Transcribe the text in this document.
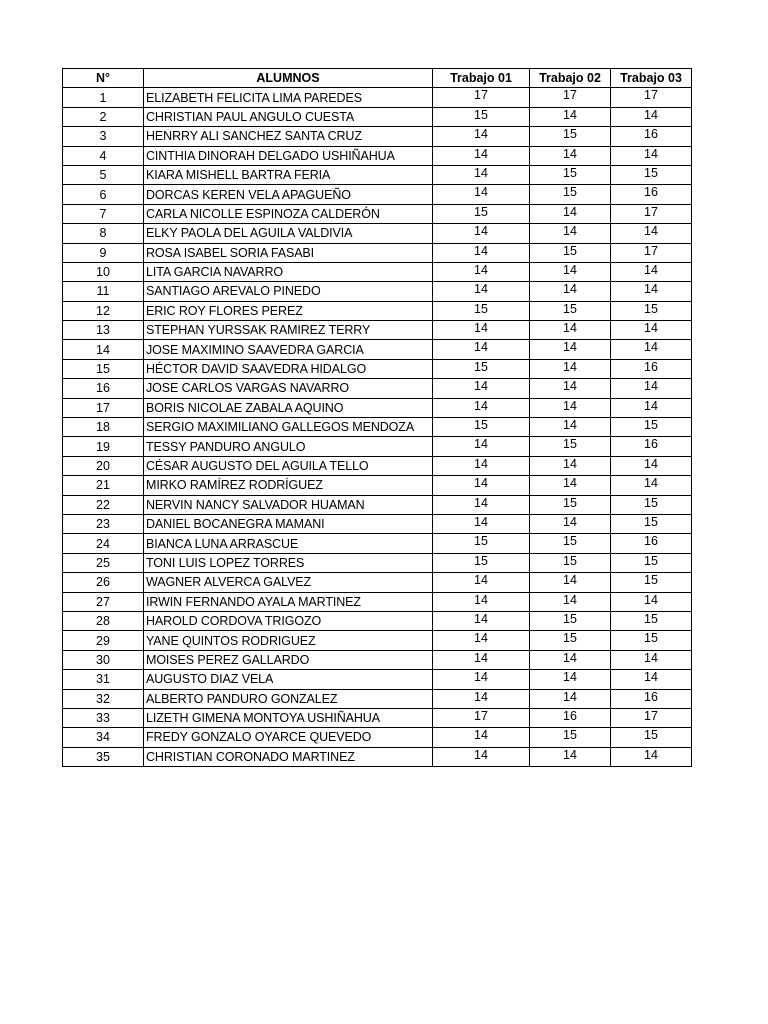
N°	ALUMNOS	Trabajo 01	Trabajo 02	Trabajo 03
1	ELIZABETH FELICITA LIMA PAREDES	17	17	17
2	CHRISTIAN PAUL ANGULO CUESTA	15	14	14
3	HENRRY ALI SANCHEZ SANTA CRUZ	14	15	16
4	CINTHIA DINORAH DELGADO USHIÑAHUA	14	14	14
5	KIARA MISHELL BARTRA FERIA	14	15	15
6	DORCAS KEREN VELA APAGUEÑO	14	15	16
7	CARLA NICOLLE ESPINOZA CALDERÓN	15	14	17
8	ELKY PAOLA DEL AGUILA VALDIVIA	14	14	14
9	ROSA ISABEL SORIA FASABI	14	15	17
10	LITA GARCIA NAVARRO	14	14	14
11	SANTIAGO AREVALO PINEDO	14	14	14
12	ERIC ROY FLORES PEREZ	15	15	15
13	STEPHAN YURSSAK RAMIREZ TERRY	14	14	14
14	JOSE MAXIMINO SAAVEDRA GARCIA	14	14	14
15	HÉCTOR DAVID SAAVEDRA HIDALGO	15	14	16
16	JOSE CARLOS VARGAS NAVARRO	14	14	14
17	BORIS NICOLAE ZABALA AQUINO	14	14	14
18	SERGIO MAXIMILIANO GALLEGOS MENDOZA	15	14	15
19	TESSY PANDURO ANGULO	14	15	16
20	CÉSAR AUGUSTO DEL AGUILA TELLO	14	14	14
21	MIRKO RAMÍREZ RODRÍGUEZ	14	14	14
22	NERVIN NANCY SALVADOR HUAMAN	14	15	15
23	DANIEL BOCANEGRA MAMANI	14	14	15
24	BIANCA LUNA ARRASCUE	15	15	16
25	TONI LUIS LOPEZ TORRES	15	15	15
26	WAGNER ALVERCA GALVEZ	14	14	15
27	IRWIN FERNANDO AYALA MARTINEZ	14	14	14
28	HAROLD CORDOVA TRIGOZO	14	15	15
29	YANE QUINTOS RODRIGUEZ	14	15	15
30	MOISES PEREZ GALLARDO	14	14	14
31	AUGUSTO DIAZ VELA	14	14	14
32	ALBERTO PANDURO GONZALEZ	14	14	16
33	LIZETH GIMENA MONTOYA USHIÑAHUA	17	16	17
34	FREDY GONZALO OYARCE QUEVEDO	14	15	15
35	CHRISTIAN CORONADO MARTINEZ	14	14	14
